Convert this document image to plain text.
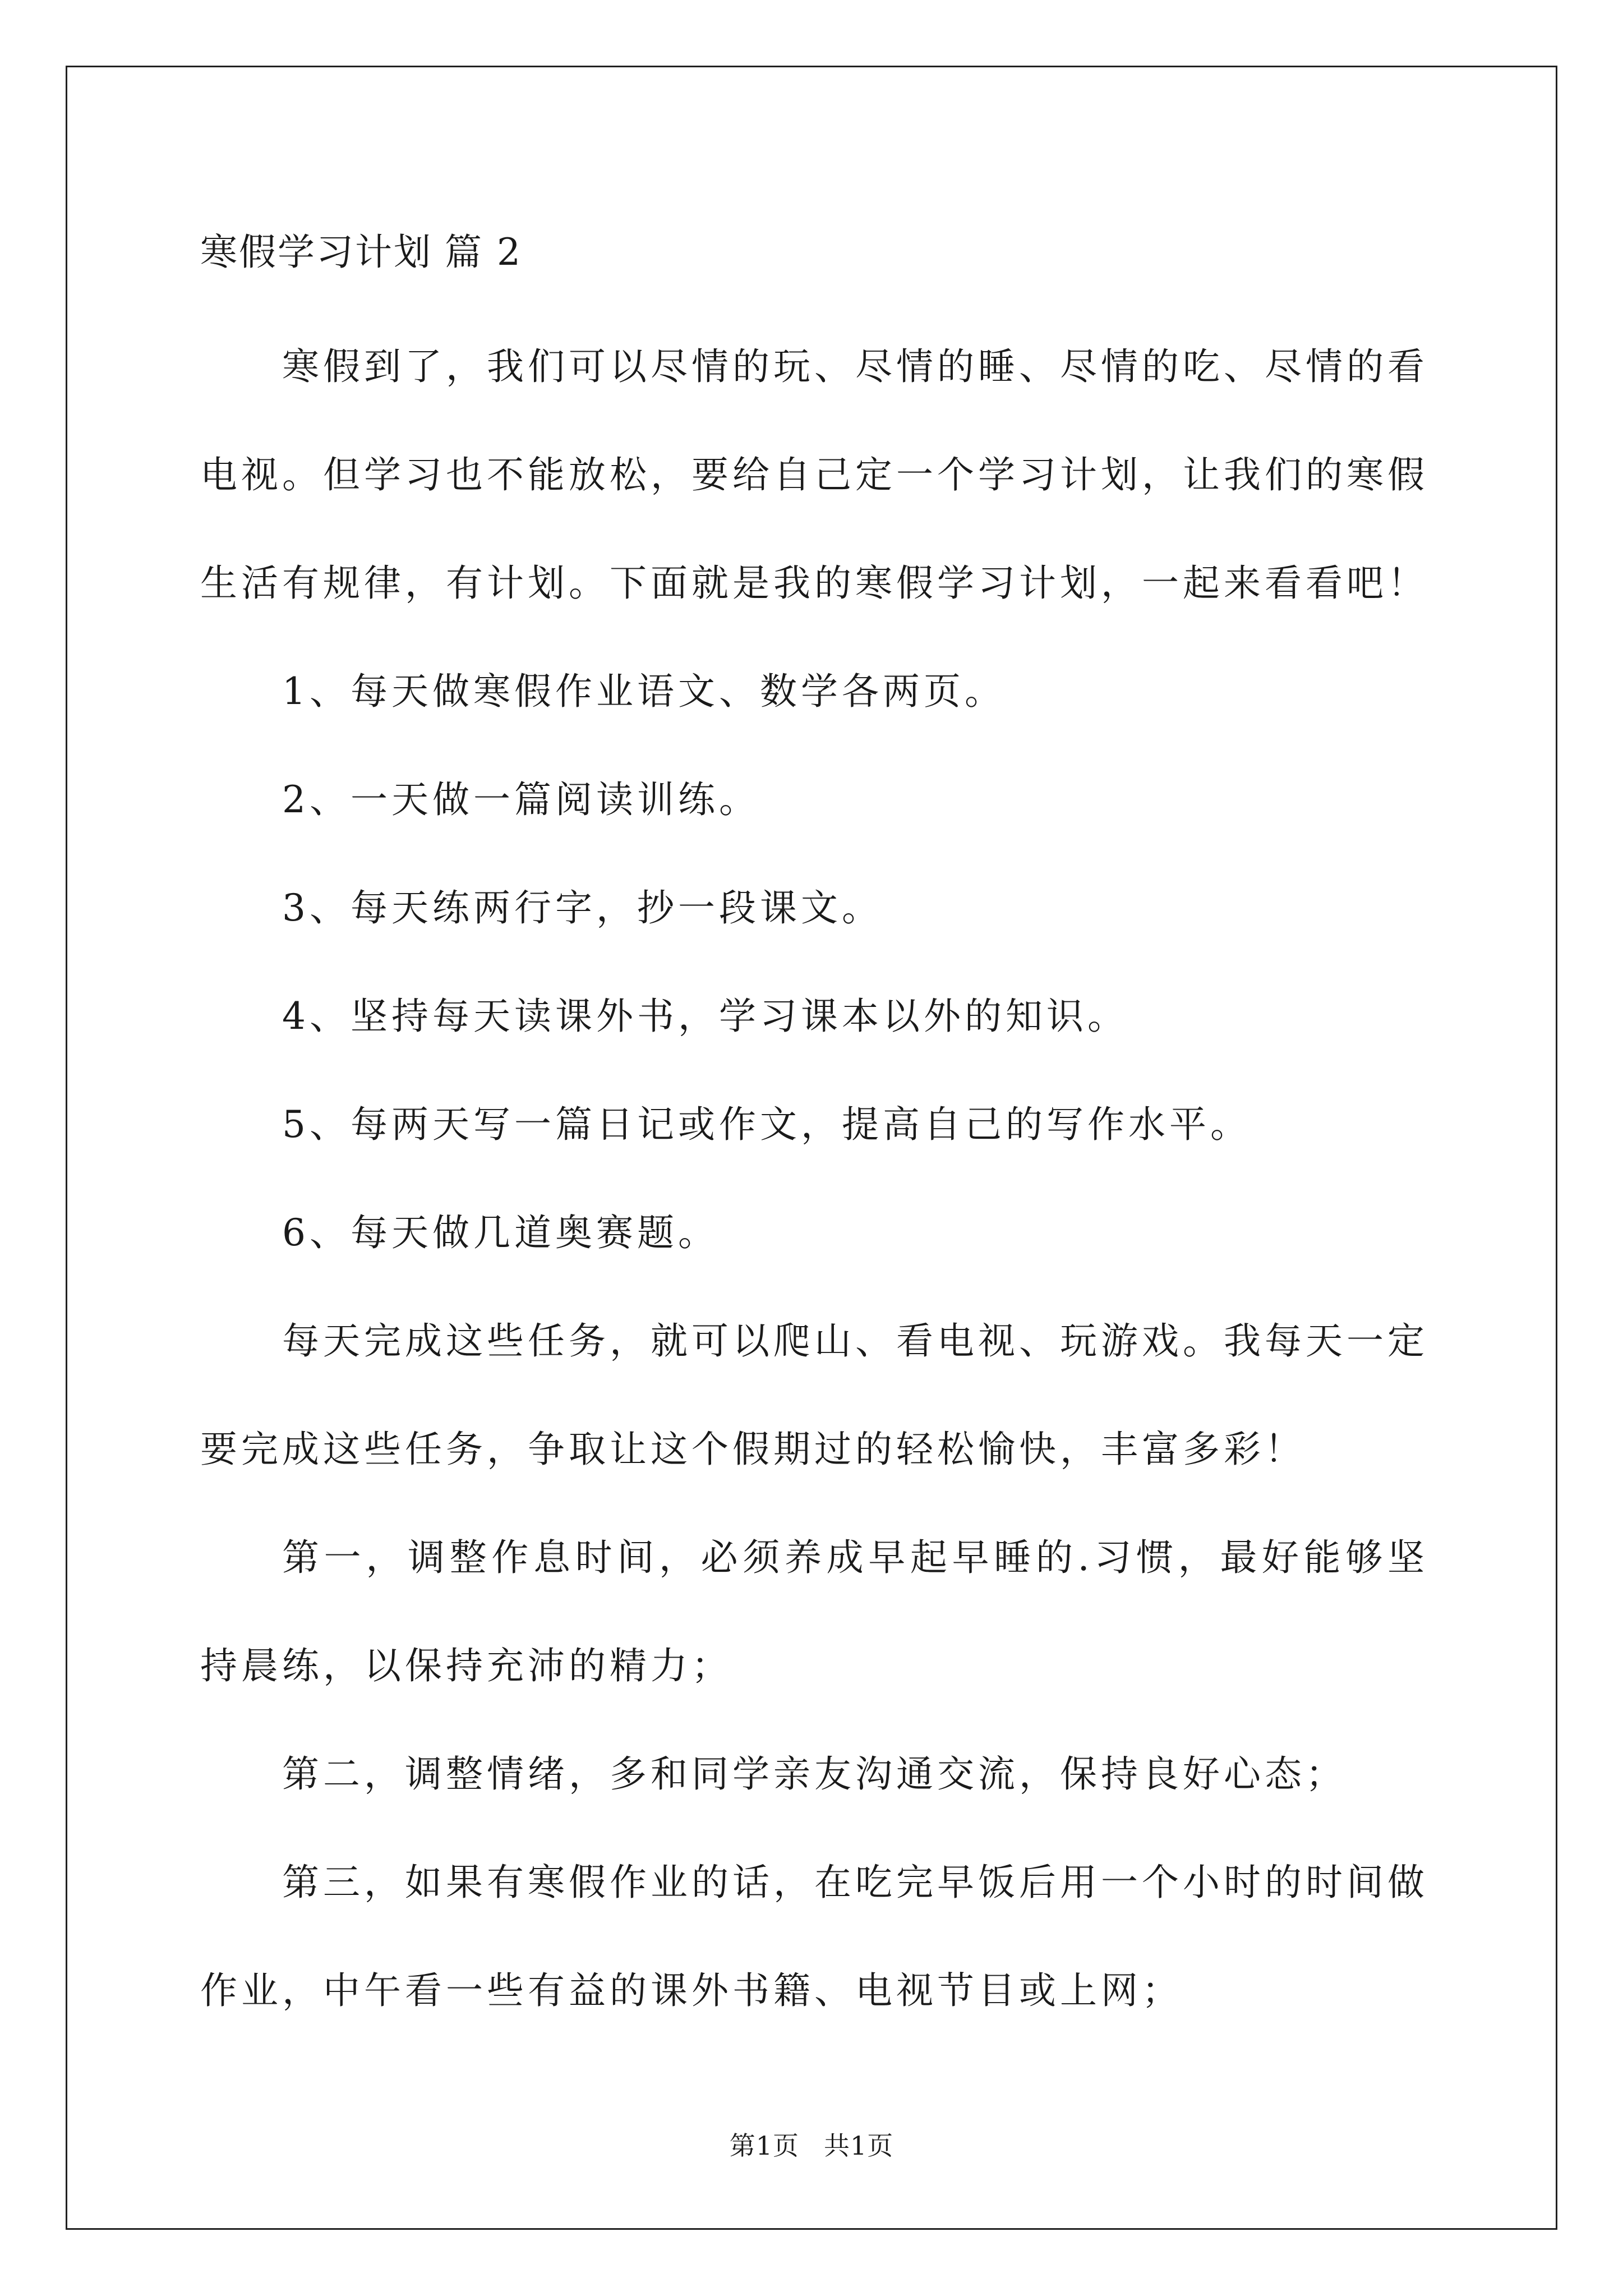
寒假学习计划 篇 2

寒假到了，我们可以尽情的玩、尽情的睡、尽情的吃、尽情的看电视。但学习也不能放松，要给自己定一个学习计划，让我们的寒假生活有规律，有计划。下面就是我的寒假学习计划，一起来看看吧！

1、每天做寒假作业语文、数学各两页。

2、一天做一篇阅读训练。

3、每天练两行字，抄一段课文。

4、坚持每天读课外书，学习课本以外的知识。

5、每两天写一篇日记或作文，提高自己的写作水平。

6、每天做几道奥赛题。

每天完成这些任务，就可以爬山、看电视、玩游戏。我每天一定要完成这些任务，争取让这个假期过的轻松愉快，丰富多彩！

第一，调整作息时间，必须养成早起早睡的.习惯，最好能够坚持晨练，以保持充沛的精力；

第二，调整情绪，多和同学亲友沟通交流，保持良好心态；

第三，如果有寒假作业的话，在吃完早饭后用一个小时的时间做作业，中午看一些有益的课外书籍、电视节目或上网；

第1页 共1页
